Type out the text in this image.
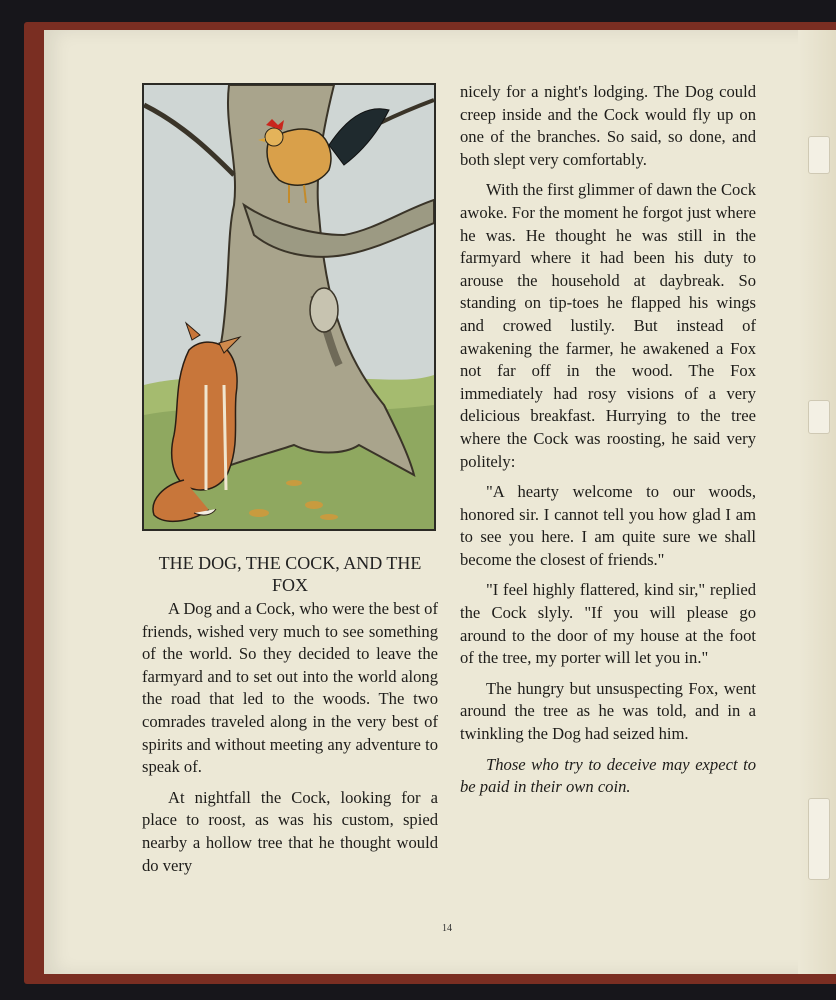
THE DOG, THE COCK, AND THE FOX

A Dog and a Cock, who were the best of friends, wished very much to see something of the world. So they decided to leave the farmyard and to set out into the world along the road that led to the woods. The two comrades traveled along in the very best of spirits and without meeting any adventure to speak of.

At nightfall the Cock, looking for a place to roost, as was his custom, spied nearby a hollow tree that he thought would do very

nicely for a night's lodging. The Dog could creep inside and the Cock would fly up on one of the branches. So said, so done, and both slept very comfortably.

With the first glimmer of dawn the Cock awoke. For the moment he forgot just where he was. He thought he was still in the farmyard where it had been his duty to arouse the household at daybreak. So standing on tip-toes he flapped his wings and crowed lustily. But instead of awakening the farmer, he awakened a Fox not far off in the wood. The Fox immediately had rosy visions of a very delicious breakfast. Hurrying to the tree where the Cock was roosting, he said very politely:

"A hearty welcome to our woods, honored sir. I cannot tell you how glad I am to see you here. I am quite sure we shall become the closest of friends."

"I feel highly flattered, kind sir," replied the Cock slyly. "If you will please go around to the door of my house at the foot of the tree, my porter will let you in."

The hungry but unsuspecting Fox, went around the tree as he was told, and in a twinkling the Dog had seized him.

Those who try to deceive may expect to be paid in their own coin.

14
